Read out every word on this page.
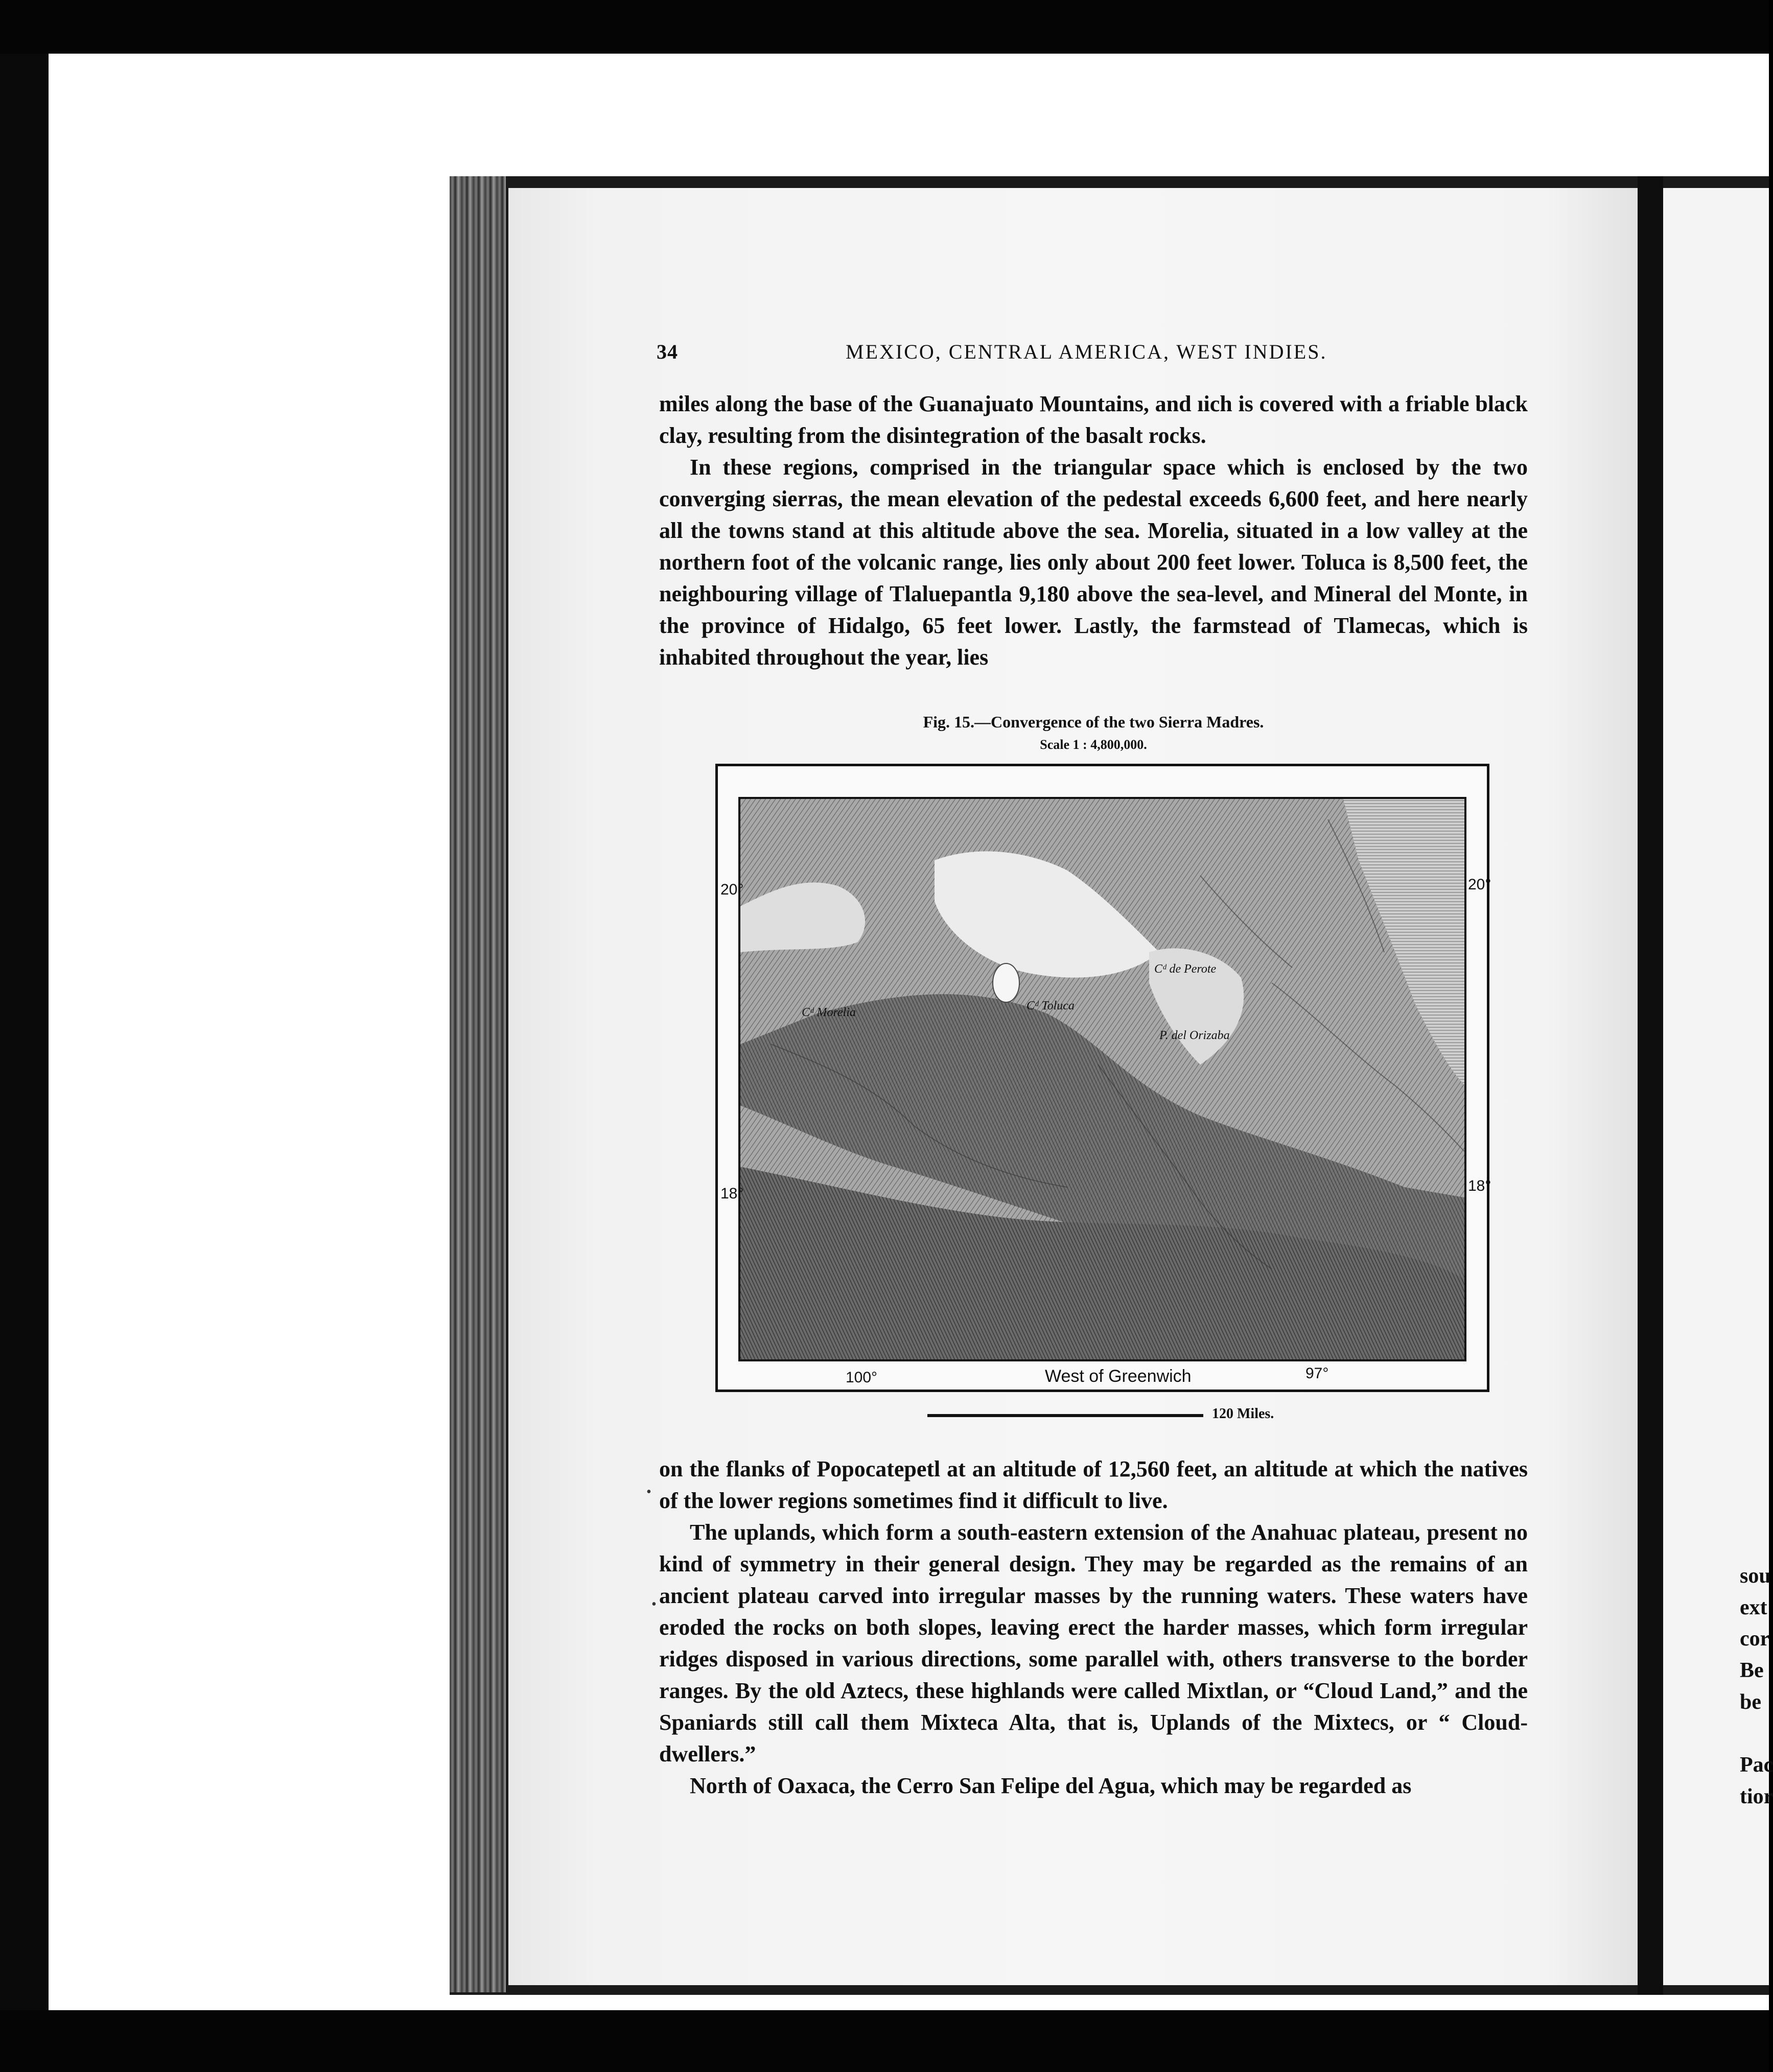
34	MEXICO, CENTRAL AMERICA, WEST INDIES.

miles along the base of the Guanajuato Mountains, and ıich is covered with a friable black clay, resulting from the disintegration of the basalt rocks.

In these regions, comprised in the triangular space which is enclosed by the two converging sierras, the mean elevation of the pedestal exceeds 6,600 feet, and here nearly all the towns stand at this altitude above the sea. Morelia, situated in a low valley at the northern foot of the volcanic range, lies only about 200 feet lower. Toluca is 8,500 feet, the neighbouring village of Tlaluepantla 9,180 above the sea-level, and Mineral del Monte, in the province of Hidalgo, 65 feet lower. Lastly, the farmstead of Tlamecas, which is inhabited throughout the year, lies

Fig. 15.—Convergence of the two Sierra Madres.
Scale 1 : 4,800,000.
Cᵈ Morelia
Cᵈ de Perote
Cᵈ Toluca
P. del Orizaba
20°	20°
18°	18°
100°	West of Greenwich	97°
120 Miles.

on the flanks of Popocatepetl at an altitude of 12,560 feet, an altitude at which the natives of the lower regions sometimes find it difficult to live.

The uplands, which form a south-eastern extension of the Anahuac plateau, present no kind of symmetry in their general design. They may be regarded as the remains of an ancient plateau carved into irregular masses by the running waters. These waters have eroded the rocks on both slopes, leaving erect the harder masses, which form irregular ridges disposed in various directions, some parallel with, others transverse to the border ranges. By the old Aztecs, these highlands were called Mixtlan, or “Cloud Land,” and the Spaniards still call them Mixteca Alta, that is, Uplands of the Mixtecs, or “ Cloud-dwellers.”

North of Oaxaca, the Cerro San Felipe del Agua, which may be regarded as

sou
ext
cor
Be
be
Pac
tior
•
•
